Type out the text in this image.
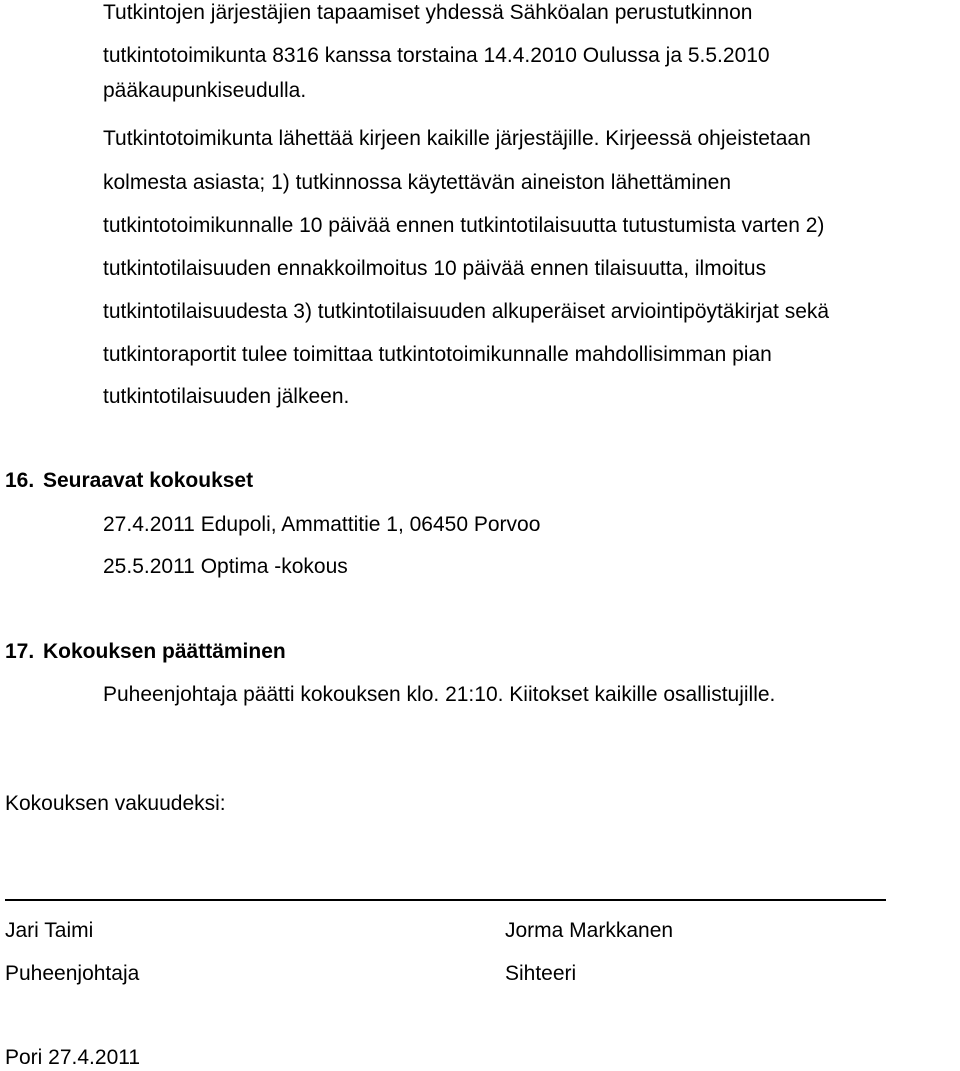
Tutkintojen järjestäjien tapaamiset yhdessä Sähköalan perustutkinnon
tutkintotoimikunta 8316 kanssa torstaina 14.4.2010 Oulussa ja 5.5.2010
pääkaupunkiseudulla.
Tutkintotoimikunta lähettää kirjeen kaikille järjestäjille. Kirjeessä ohjeistetaan
kolmesta asiasta; 1) tutkinnossa käytettävän aineiston lähettäminen
tutkintotoimikunnalle 10 päivää ennen tutkintotilaisuutta tutustumista varten 2)
tutkintotilaisuuden ennakkoilmoitus 10 päivää ennen tilaisuutta, ilmoitus
tutkintotilaisuudesta 3) tutkintotilaisuuden alkuperäiset arviointipöytäkirjat sekä
tutkintoraportit tulee toimittaa tutkintotoimikunnalle mahdollisimman pian
tutkintotilaisuuden jälkeen.
16. Seuraavat kokoukset
27.4.2011 Edupoli, Ammattitie 1, 06450 Porvoo
25.5.2011 Optima -kokous
17. Kokouksen päättäminen
Puheenjohtaja päätti kokouksen klo. 21:10. Kiitokset kaikille osallistujille.
Kokouksen vakuudeksi:
Jari Taimi
Puheenjohtaja
Jorma Markkanen
Sihteeri
Pori 27.4.2011
